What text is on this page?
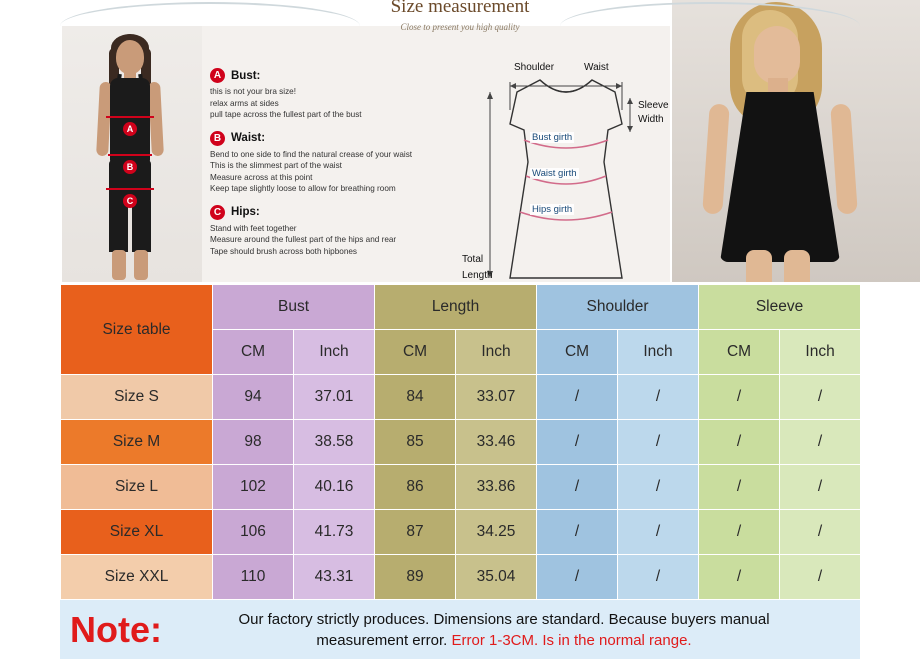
Size measurement
Close to present you high quality
A
B
C
A Bust:
this is not your bra size!
relax arms at sides
pull tape across the fullest part of the bust
B Waist:
Bend to one side to find the natural crease of your waist
This is the slimmest part of the waist
Measure across at this point
Keep tape slightly loose to allow for breathing room
C Hips:
Stand with feet together
Measure around the fullest part of the hips and rear
Tape should brush across both hipbones
Shoulder	Waist
Sleeve
Width
Bust girth
Waist girth
Hips girth
Total
Length
Size table	Bust		Length		Shoulder		Sleeve	
	CM	Inch	CM	Inch	CM	Inch	CM	Inch
Size S	94	37.01	84	33.07	/	/	/	/
Size M	98	38.58	85	33.46	/	/	/	/
Size L	102	40.16	86	33.86	/	/	/	/
Size XL	106	41.73	87	34.25	/	/	/	/
Size XXL	110	43.31	89	35.04	/	/	/	/
Note:	Our factory strictly produces. Dimensions are standard. Because buyers manual
measurement error. Error 1-3CM. Is in the normal range.
